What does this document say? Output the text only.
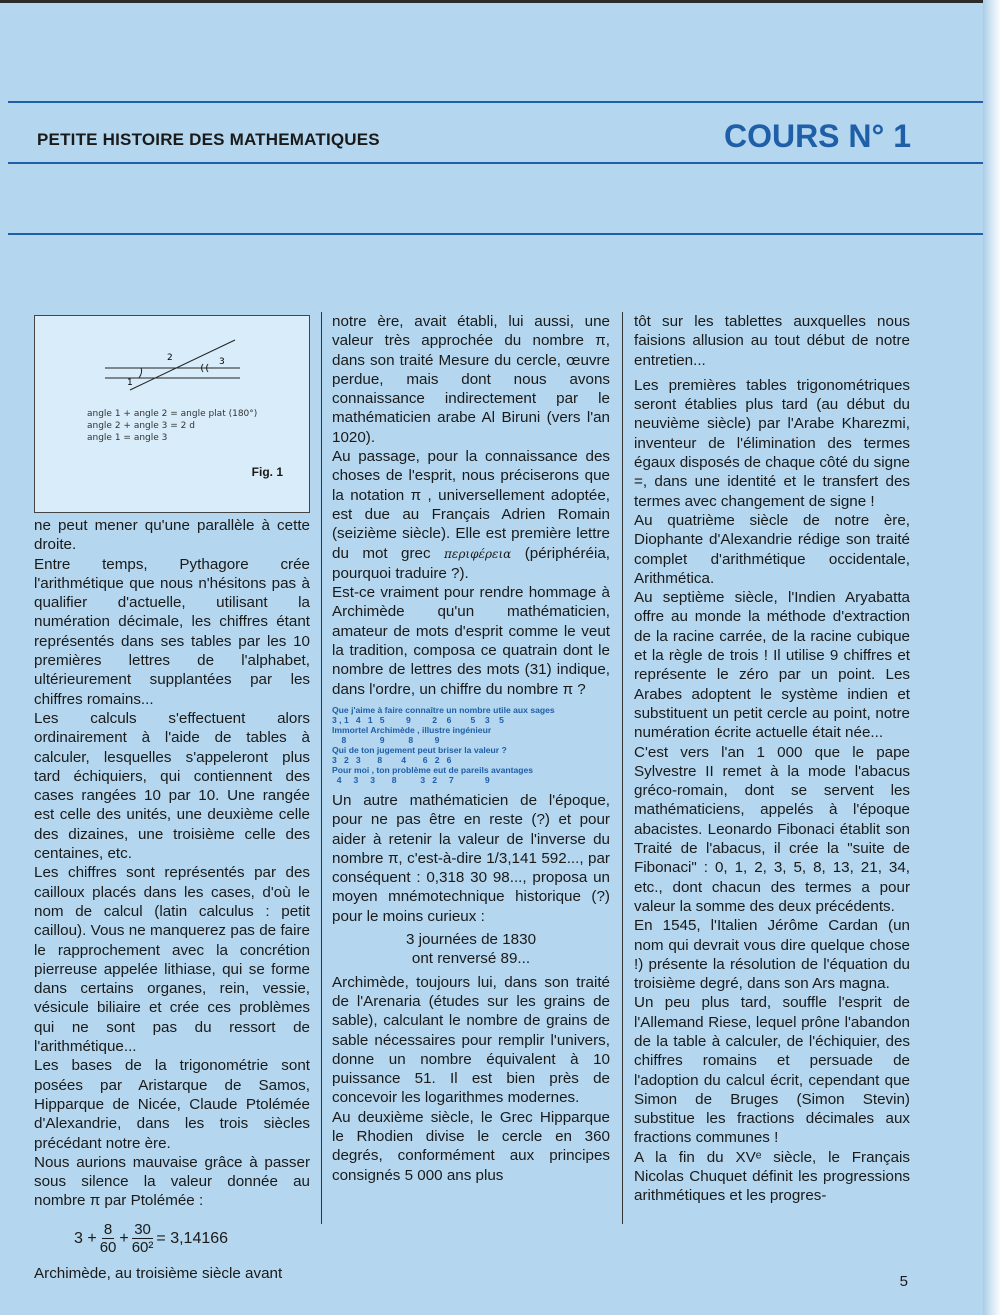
PETITE HISTOIRE DES MATHEMATIQUES	COURS N° 1
1
2	3
angle 1 + angle 2 = angle plat (180°)
angle 2 + angle 3 = 2 d
angle 1 = angle 3
Fig. 1

ne peut mener qu'une parallèle à cette droite.

Entre temps, Pythagore crée l'arithmétique que nous n'hésitons pas à qualifier d'actuelle, utilisant la numération décimale, les chiffres étant représentés dans ses tables par les 10 premières lettres de l'alphabet, ultérieurement supplantées par les chiffres romains...

Les calculs s'effectuent alors ordinairement à l'aide de tables à calculer, lesquelles s'appeleront plus tard échiquiers, qui contiennent des cases rangées 10 par 10. Une rangée est celle des unités, une deuxième celle des dizaines, une troisième celle des centaines, etc.

Les chiffres sont représentés par des cailloux placés dans les cases, d'où le nom de calcul (latin calculus : petit caillou). Vous ne manquerez pas de faire le rapprochement avec la concrétion pierreuse appelée lithiase, qui se forme dans certains organes, rein, vessie, vésicule biliaire et crée ces problèmes qui ne sont pas du ressort de l'arithmétique...

Les bases de la trigonométrie sont posées par Aristarque de Samos, Hipparque de Nicée, Claude Ptolémée d'Alexandrie, dans les trois siècles précédant notre ère.

Nous aurions mauvaise grâce à passer sous silence la valeur donnée au nombre π par Ptolémée :

$3 + \frac{8}{60} + \frac{30}{\text{60²}} = 3,14166$

Archimède, au troisième siècle avant

notre ère, avait établi, lui aussi, une valeur très approchée du nombre π, dans son traité Mesure du cercle, œuvre perdue, mais dont nous avons connaissance indirectement par le mathématicien arabe Al Biruni (vers l'an 1020).

Au passage, pour la connaissance des choses de l'esprit, nous préciserons que la notation π , universellement adoptée, est due au Français Adrien Romain (seizième siècle). Elle est première lettre du mot grec περιφέρεια (périphéréia, pourquoi traduire ?).

Est-ce vraiment pour rendre hommage à Archimède qu'un mathématicien, amateur de mots d'esprit comme le veut la tradition, composa ce quatrain dont le nombre de lettres des mots (31) indique, dans l'ordre, un chiffre du nombre π ?

Que j'aime à faire connaître un nombre utile aux sages
3 , 1   4   1   5         9         2    6        5    3    5
Immortel Archimède , illustre ingénieur
8              9          8         9
Qui de ton jugement peut briser la valeur ?
3   2   3       8        4       6   2   6
Pour moi , ton problème eut de pareils avantages
4     3     3       8          3   2     7             9

Un autre mathématicien de l'époque, pour ne pas être en reste (?) et pour aider à retenir la valeur de l'inverse du nombre π, c'est-à-dire 1/3,141 592..., par conséquent : 0,318 30 98..., proposa un moyen mnémotechnique historique (?) pour le moins curieux :

3 journées de 1830
ont renversé 89...

Archimède, toujours lui, dans son traité de l'Arenaria (études sur les grains de sable), calculant le nombre de grains de sable nécessaires pour remplir l'univers, donne un nombre équivalent à 10 puissance 51. Il est bien près de concevoir les logarithmes modernes.

Au deuxième siècle, le Grec Hipparque le Rhodien divise le cercle en 360 degrés, conformément aux principes consignés 5 000 ans plus

tôt sur les tablettes auxquelles nous faisions allusion au tout début de notre entretien...

Les premières tables trigonométriques seront établies plus tard (au début du neuvième siècle) par l'Arabe Kharezmi, inventeur de l'élimination des termes égaux disposés de chaque côté du signe =, dans une identité et le transfert des termes avec changement de signe !

Au quatrième siècle de notre ère, Diophante d'Alexandrie rédige son traité complet d'arithmétique occidentale, Arithmética.

Au septième siècle, l'Indien Aryabatta offre au monde la méthode d'extraction de la racine carrée, de la racine cubique et la règle de trois ! Il utilise 9 chiffres et représente le zéro par un point. Les Arabes adoptent le système indien et substituent un petit cercle au point, notre numération écrite actuelle était née...

C'est vers l'an 1 000 que le pape Sylvestre II remet à la mode l'abacus gréco-romain, dont se servent les mathématiciens, appelés à l'époque abacistes. Leonardo Fibonaci établit son Traité de l'abacus, il crée la "suite de Fibonaci" : 0, 1, 2, 3, 5, 8, 13, 21, 34, etc., dont chacun des termes a pour valeur la somme des deux précédents.

En 1545, l'Italien Jérôme Cardan (un nom qui devrait vous dire quelque chose !) présente la résolution de l'équation du troisième degré, dans son Ars magna.

Un peu plus tard, souffle l'esprit de l'Allemand Riese, lequel prône l'abandon de la table à calculer, de l'échiquier, des chiffres romains et persuade de l'adoption du calcul écrit, cependant que Simon de Bruges (Simon Stevin) substitue les fractions décimales aux fractions communes !

A la fin du XVᵉ siècle, le Français Nicolas Chuquet définit les progressions arithmétiques et les progres-

5
